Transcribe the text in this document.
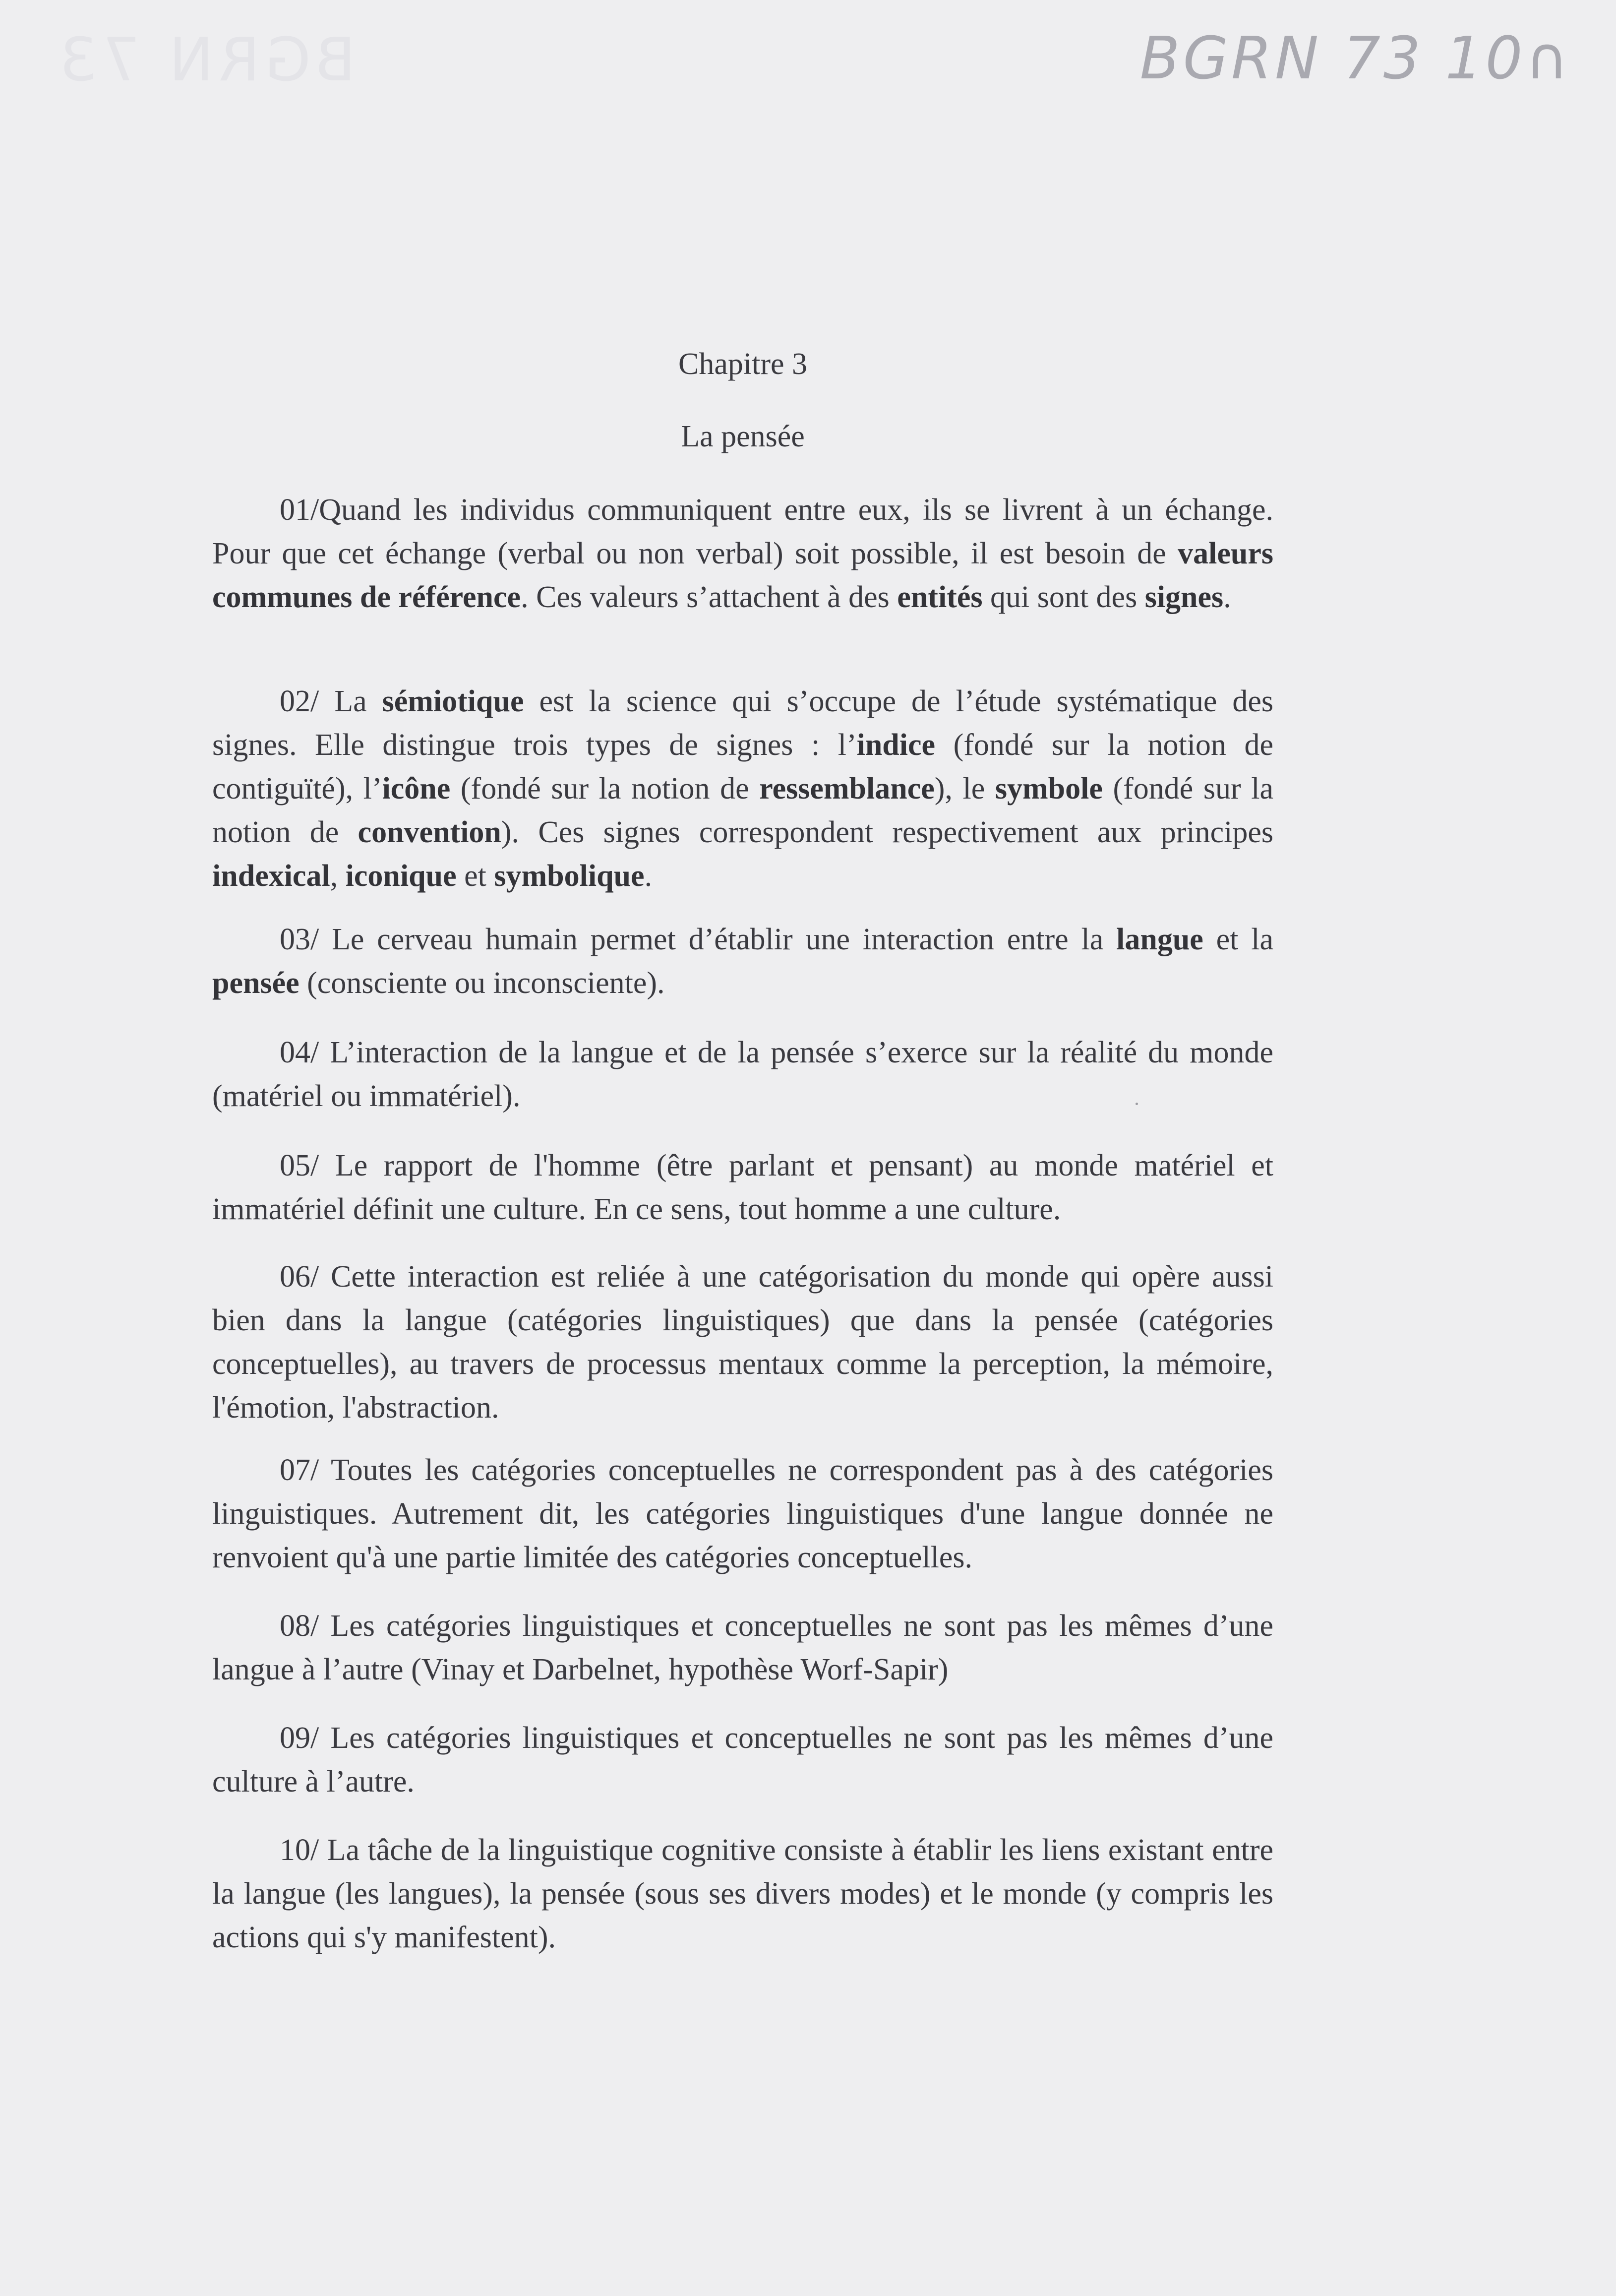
BGRN 73	BGRN 73 10∩
Chapitre 3
La pensée

01/Quand les individus communiquent entre eux, ils se livrent à un échange. Pour que cet échange (verbal ou non verbal) soit possible, il est besoin de valeurs communes de référence. Ces valeurs s’attachent à des entités qui sont des signes.

02/ La sémiotique est la science qui s’occupe de l’étude systématique des signes. Elle distingue trois types de signes : l’indice (fondé sur la notion de contiguïté), l’icône (fondé sur la notion de ressemblance), le symbole (fondé sur la notion de convention). Ces signes correspondent respectivement aux principes indexical, iconique et symbolique.

03/ Le cerveau humain permet d’établir une interaction entre la langue et la pensée (consciente ou inconsciente).

04/ L’interaction de la langue et de la pensée s’exerce sur la réalité du monde (matériel ou immatériel).

05/ Le rapport de l'homme (être parlant et pensant) au monde matériel et immatériel définit une culture. En ce sens, tout homme a une culture.

06/ Cette interaction est reliée à une catégorisation du monde qui opère aussi bien dans la langue (catégories linguistiques) que dans la pensée (catégories conceptuelles), au travers de processus mentaux comme la perception, la mémoire, l'émotion, l'abstraction.

07/ Toutes les catégories conceptuelles ne correspondent pas à des catégories linguistiques. Autrement dit, les catégories linguistiques d'une langue donnée ne renvoient qu'à une partie limitée des catégories conceptuelles.

08/ Les catégories linguistiques et conceptuelles ne sont pas les mêmes d’une langue à l’autre (Vinay et Darbelnet, hypothèse Worf-Sapir)

09/ Les catégories linguistiques et conceptuelles ne sont pas les mêmes d’une culture à l’autre.

10/ La tâche de la linguistique cognitive consiste à établir les liens existant entre la langue (les langues), la pensée (sous ses divers modes) et le monde (y compris les actions qui s'y manifestent).
